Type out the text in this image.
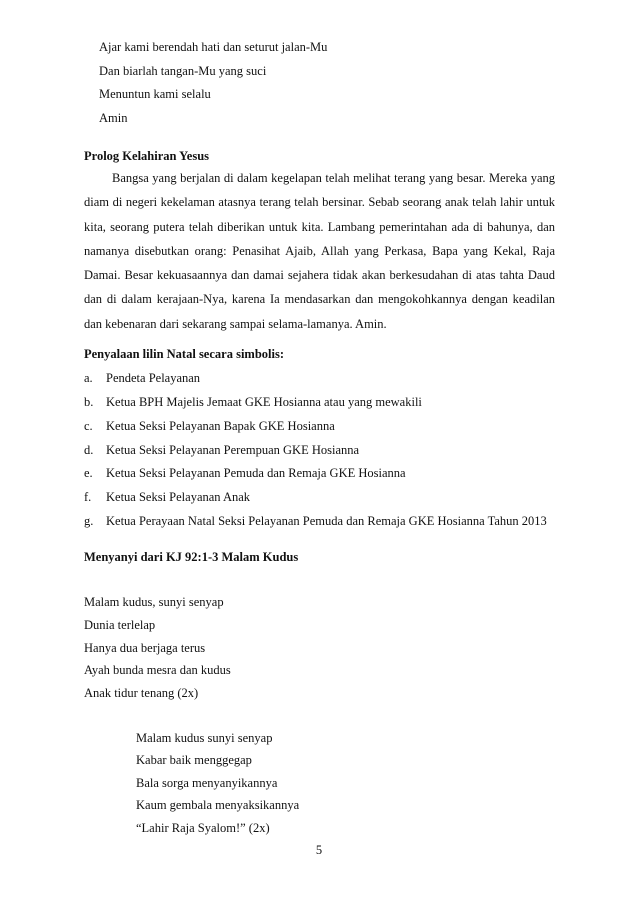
Ajar kami berendah hati dan seturut jalan-Mu
Dan biarlah tangan-Mu yang suci
Menuntun kami selalu
Amin
Prolog Kelahiran Yesus
Bangsa yang berjalan di dalam kegelapan telah melihat terang yang besar. Mereka yang diam di negeri kekelaman atasnya terang telah bersinar. Sebab seorang anak telah lahir untuk kita, seorang putera telah diberikan untuk kita. Lambang pemerintahan ada di bahunya, dan namanya disebutkan orang: Penasihat Ajaib, Allah yang Perkasa, Bapa yang Kekal, Raja Damai. Besar kekuasaannya dan damai sejahera tidak akan berkesudahan di atas tahta Daud dan di dalam kerajaan-Nya, karena Ia mendasarkan dan mengokohkannya dengan keadilan dan kebenaran dari sekarang sampai selama-lamanya. Amin.
Penyalaan lilin Natal secara simbolis:
a. Pendeta Pelayanan
b. Ketua BPH Majelis Jemaat GKE Hosianna atau yang mewakili
c. Ketua Seksi Pelayanan Bapak GKE Hosianna
d. Ketua Seksi Pelayanan Perempuan GKE Hosianna
e. Ketua Seksi Pelayanan Pemuda dan Remaja GKE Hosianna
f. Ketua Seksi Pelayanan Anak
g. Ketua Perayaan Natal Seksi Pelayanan Pemuda dan Remaja GKE Hosianna Tahun 2013
Menyanyi dari KJ 92:1-3 Malam Kudus
Malam kudus, sunyi senyap
Dunia terlelap
Hanya dua berjaga terus
Ayah bunda mesra dan kudus
Anak tidur tenang (2x)
Malam kudus sunyi senyap
Kabar baik menggegap
Bala sorga menyanyikannya
Kaum gembala menyaksikannya
“Lahir Raja Syalom!” (2x)
5
